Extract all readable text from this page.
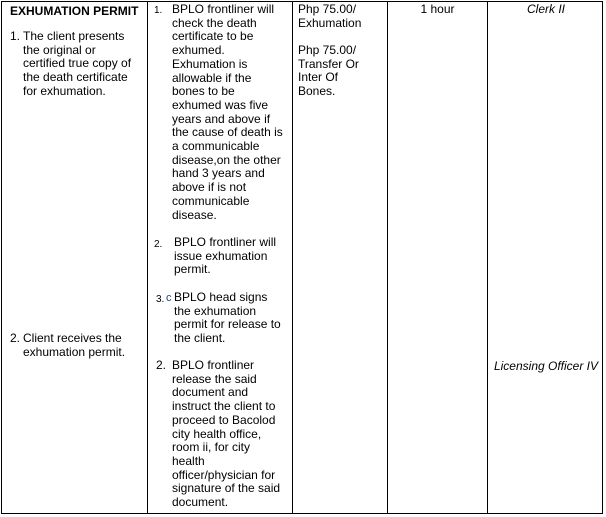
EXHUMATION PERMIT
1. The client presents
the original or
certified true copy of
the death certificate
for exhumation.
2. Client receives the
exhumation permit.
1. BPLO frontliner will
check the death
certificate to be
exhumed.
Exhumation is
allowable if the
bones to be
exhumed was five
years and above if
the cause of death is
a communicable
disease,on the other
hand 3 years and
above if is not
communicable
disease.
2. BPLO frontliner will
issue exhumation
permit.
3. c BPLO head signs
the exhumation
permit for release to
the client.
2. BPLO frontliner
release the said
document and
instruct the client to
proceed to Bacolod
city health office,
room ii, for city
health
officer/physician for
signature of the said
document.
Php 75.00/
Exhumation
Php 75.00/
Transfer Or
Inter Of
Bones.
1 hour	Clerk II
Licensing Officer IV
